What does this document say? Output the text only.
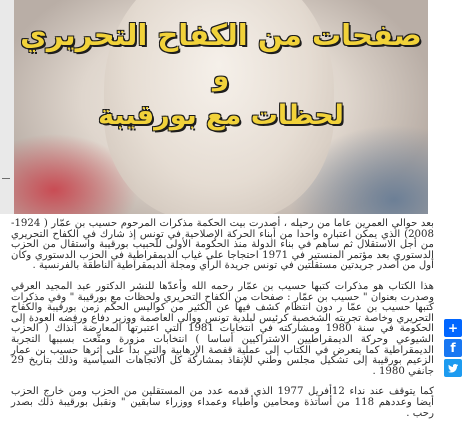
صفحات من الكفاح التحريري
و
لحظات مع بورقيبة

بعد حوالي العمرين عاما من رحيله ، أصدرت بيت الحكمة مذكرات المرحوم حسيب بن عمّار ( 1924-2008) الذي يمكن اعتباره واحدا من أبناء الحركة الإصلاحية في تونس إذ شارك في الكفاح التحريري من أجل الاستقلال ثم ساهم في بناء الدولة منذ الحكومة الأولى للحبيب بورقيبة واستقال من الحزب الدستوري بعد مؤتمر المنستير في 1971 احتجاجا على غياب الديمقراطية في الحزب الدستوري وكان أول من أصدر جريدتين مستقلتين في تونس جريدة الرأي ومجلة الديمقراطية الناطقة بالفرنسية .

هذا الكتاب هو مذكرات كتبها حسيب بن عمّار رحمه الله وأعدّها للنشر الدكتور عبد المجيد العرقي وصدرت بعنوان " حسيب بن عمّار : صفحات من الكفاح التحريري ولحظات مع بورقيبة " وفي مذكرات كتبها حسيب بن عمّا ر دون انتظام كشف فيها عن الكثير من كواليس الحكم زمن بورقيبة والكفاح التحريري وخاصة تجربته الشخصية كرئيس لبلدية تونس ووالي العاصمة ووزير دفاع ورفضه العودة إلى الحكومة في سنة 1980 ومشاركته في انتخابات 1981 التي اعتبرتها المعارضة آنذاك ( الحزب الشيوعي وحركة الديمقراطيين الاشتراكيين أساسا ) انتخابات مزورة ومتّعت بسببها التجربة الديمقراطية كما يتعرض في الكتاب إلى عملية قفصة الإرهابية والتي بدا على إثرها حسيب بن عمار الزعيم بورقيبة إلى تشكيل مجلس وطني للإنقاذ بمشاركة كل الاتجاهات السياسية وذلك بتاريخ 29 جانفي 1980 .

كما يتوقف عند نداء 12أفريل 1977 الذي قدمه عدد من المستقلين من الحزب ومن خارج الحزب أيضا وعددهم 118 من أساتذة ومحامين وأطباء وعمداء ووزراء سابقين " ونقبل بورقيبة ذلك بصدر رحب .

+
f
